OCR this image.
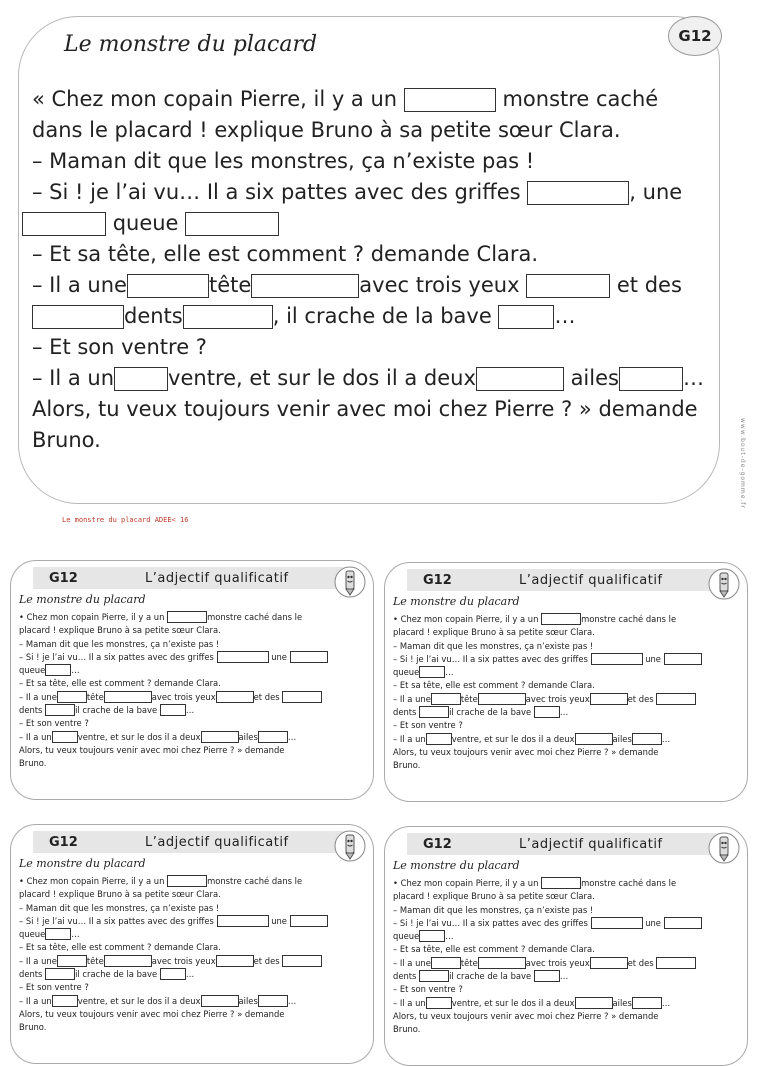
G12
Le monstre du placard

« Chez mon copain Pierre, il y a un	monstre caché

dans le placard ! explique Bruno à sa petite sœur Clara.

– Maman dit que les monstres, ça n’existe pas !

– Si ! je l’ai vu… Il a six pattes avec des griffes	, une

queue

– Et sa tête, elle est comment ? demande Clara.

– Il a une	tête	avec trois yeux	et des

dents	, il crache de la bave	…

– Et son ventre ?

– Il a un	ventre, et sur le dos il a deux	ailes	…

Alors, tu veux toujours venir avec moi chez Pierre ? » demande

Bruno.	www.bout-de-gomme.fr
Le monstre du placard ADEE< 16
G12	L’adjectif qualificatif
Le monstre du placard

• Chez mon copain Pierre, il y a un	monstre caché dans le

placard ! explique Bruno à sa petite sœur Clara.

– Maman dit que les monstres, ça n’existe pas !

– Si ! je l’ai vu… Il a six pattes avec des griffes	une

queue	…

– Et sa tête, elle est comment ? demande Clara.

– Il a une	tête	avec trois yeux	et des

dents	il crache de la bave	…

– Et son ventre ?

– Il a un	ventre, et sur le dos il a deux	ailes	…

Alors, tu veux toujours venir avec moi chez Pierre ? » demande

Bruno.

G12	L’adjectif qualificatif
Le monstre du placard

• Chez mon copain Pierre, il y a un	monstre caché dans le

placard ! explique Bruno à sa petite sœur Clara.

– Maman dit que les monstres, ça n’existe pas !

– Si ! je l’ai vu… Il a six pattes avec des griffes	une

queue	…

– Et sa tête, elle est comment ? demande Clara.

– Il a une	tête	avec trois yeux	et des

dents	il crache de la bave	…

– Et son ventre ?

– Il a un	ventre, et sur le dos il a deux	ailes	…

Alors, tu veux toujours venir avec moi chez Pierre ? » demande

Bruno.

G12	L’adjectif qualificatif
Le monstre du placard

• Chez mon copain Pierre, il y a un	monstre caché dans le

placard ! explique Bruno à sa petite sœur Clara.

– Maman dit que les monstres, ça n’existe pas !

– Si ! je l’ai vu… Il a six pattes avec des griffes	une

queue	…

– Et sa tête, elle est comment ? demande Clara.

– Il a une	tête	avec trois yeux	et des

dents	il crache de la bave	…

– Et son ventre ?

– Il a un	ventre, et sur le dos il a deux	ailes	…

Alors, tu veux toujours venir avec moi chez Pierre ? » demande

Bruno.

G12	L’adjectif qualificatif
Le monstre du placard

• Chez mon copain Pierre, il y a un	monstre caché dans le

placard ! explique Bruno à sa petite sœur Clara.

– Maman dit que les monstres, ça n’existe pas !

– Si ! je l’ai vu… Il a six pattes avec des griffes	une

queue	…

– Et sa tête, elle est comment ? demande Clara.

– Il a une	tête	avec trois yeux	et des

dents	il crache de la bave	…

– Et son ventre ?

– Il a un	ventre, et sur le dos il a deux	ailes	…

Alors, tu veux toujours venir avec moi chez Pierre ? » demande

Bruno.
